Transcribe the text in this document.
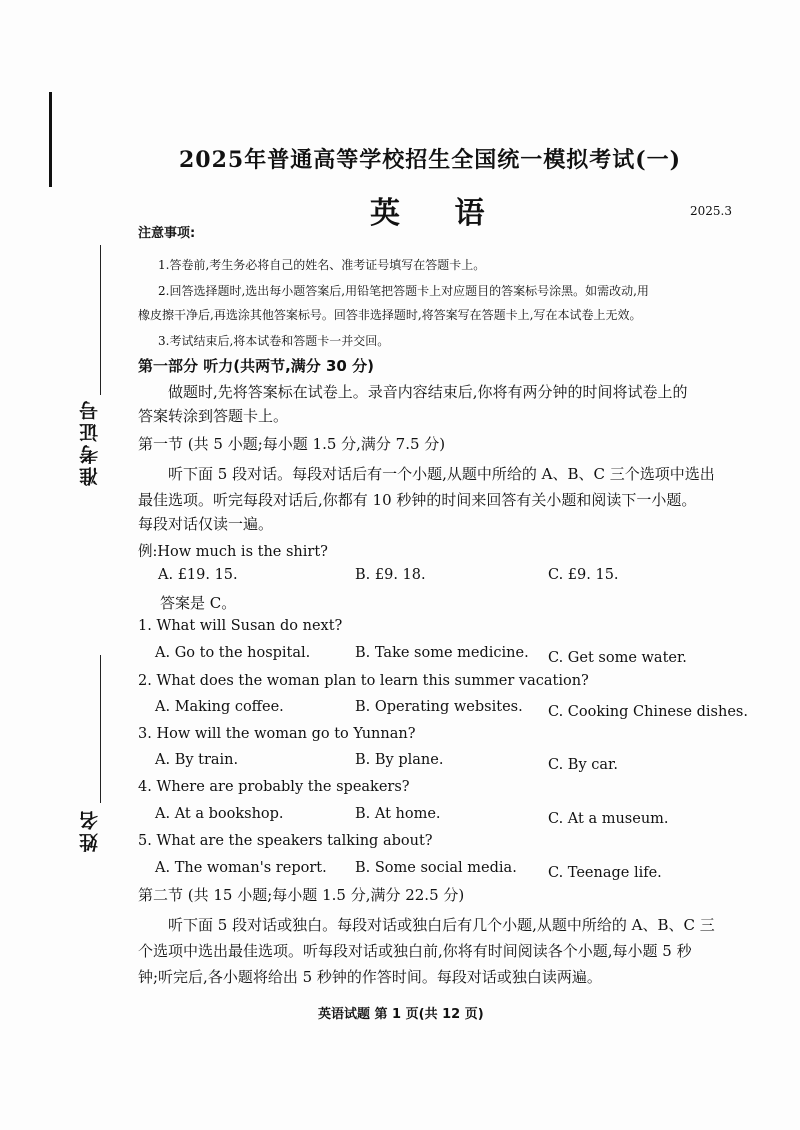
准考证号
姓名
2025年普通高等学校招生全国统一模拟考试(一)
英 语	2025.3
注意事项:
1.答卷前,考生务必将自己的姓名、准考证号填写在答题卡上。
2.回答选择题时,选出每小题答案后,用铅笔把答题卡上对应题目的答案标号涂黑。如需改动,用
橡皮擦干净后,再选涂其他答案标号。回答非选择题时,将答案写在答题卡上,写在本试卷上无效。
3.考试结束后,将本试卷和答题卡一并交回。
第一部分 听力(共两节,满分 30 分)
做题时,先将答案标在试卷上。录音内容结束后,你将有两分钟的时间将试卷上的
答案转涂到答题卡上。
第一节 (共 5 小题;每小题 1.5 分,满分 7.5 分)
听下面 5 段对话。每段对话后有一个小题,从题中所给的 A、B、C 三个选项中选出
最佳选项。听完每段对话后,你都有 10 秒钟的时间来回答有关小题和阅读下一小题。
每段对话仅读一遍。
例:How much is the shirt?
A. £19. 15.	B. £9. 18.	C. £9. 15.
答案是 C。
1. What will Susan do next?
A. Go to the hospital.	B. Take some medicine. C. Get some water.
2. What does the woman plan to learn this summer vacation?
A. Making coffee.	B. Operating websites. C. Cooking Chinese dishes.
3. How will the woman go to Yunnan?
A. By train.	B. By plane.	C. By car.
4. Where are probably the speakers?
A. At a bookshop.	B. At home.	C. At a museum.
5. What are the speakers talking about?
A. The woman's report. B. Some social media. C. Teenage life.
第二节 (共 15 小题;每小题 1.5 分,满分 22.5 分)
听下面 5 段对话或独白。每段对话或独白后有几个小题,从题中所给的 A、B、C 三
个选项中选出最佳选项。听每段对话或独白前,你将有时间阅读各个小题,每小题 5 秒
钟;听完后,各小题将给出 5 秒钟的作答时间。每段对话或独白读两遍。
英语试题 第 1 页(共 12 页)
